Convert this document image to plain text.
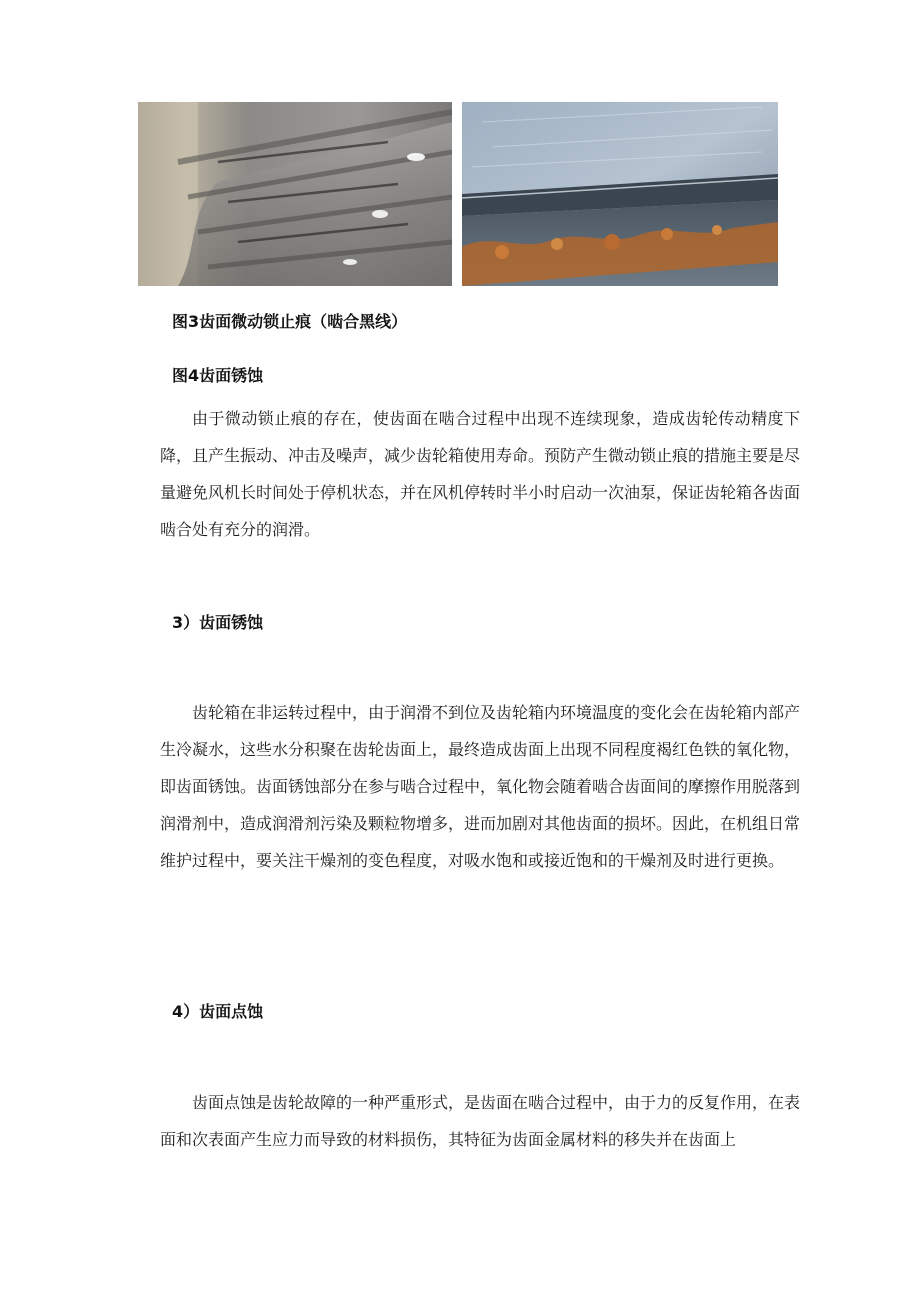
图3齿面微动锁止痕（啮合黑线）
图4齿面锈蚀

由于微动锁止痕的存在，使齿面在啮合过程中出现不连续现象，造成齿轮传动精度下降，且产生振动、冲击及噪声，减少齿轮箱使用寿命。预防产生微动锁止痕的措施主要是尽量避免风机长时间处于停机状态，并在风机停转时半小时启动一次油泵，保证齿轮箱各齿面啮合处有充分的润滑。

3）齿面锈蚀

齿轮箱在非运转过程中，由于润滑不到位及齿轮箱内环境温度的变化会在齿轮箱内部产生冷凝水，这些水分积聚在齿轮齿面上，最终造成齿面上出现不同程度褐红色铁的氧化物，即齿面锈蚀。齿面锈蚀部分在参与啮合过程中，氧化物会随着啮合齿面间的摩擦作用脱落到润滑剂中，造成润滑剂污染及颗粒物增多，进而加剧对其他齿面的损坏。因此，在机组日常维护过程中，要关注干燥剂的变色程度，对吸水饱和或接近饱和的干燥剂及时进行更换。

4）齿面点蚀

齿面点蚀是齿轮故障的一种严重形式，是齿面在啮合过程中，由于力的反复作用，在表面和次表面产生应力而导致的材料损伤，其特征为齿面金属材料的移失并在齿面上
